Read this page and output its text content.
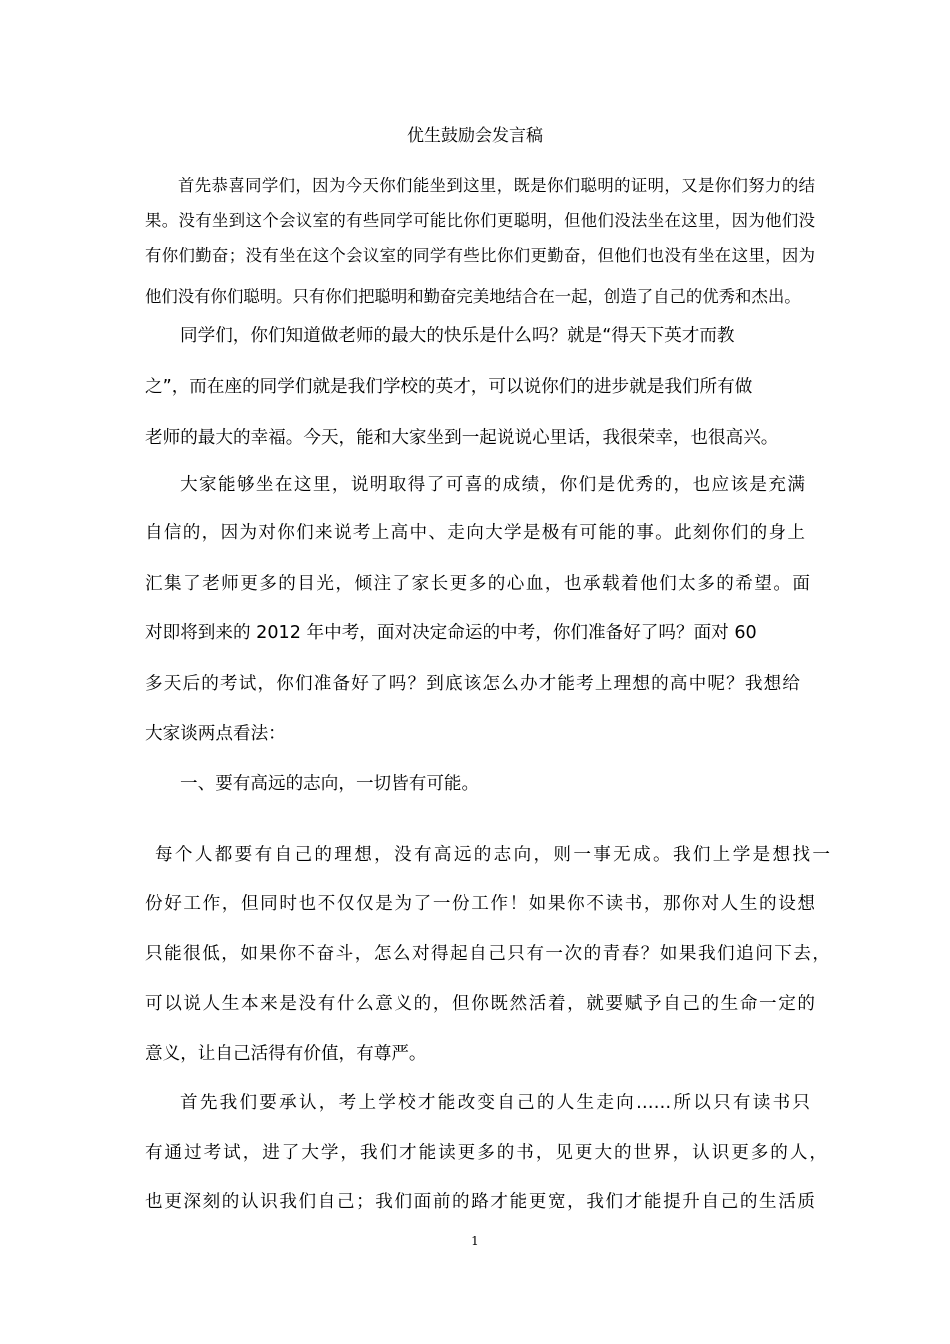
优生鼓励会发言稿
首先恭喜同学们，因为今天你们能坐到这里，既是你们聪明的证明，又是你们努力的结
果。没有坐到这个会议室的有些同学可能比你们更聪明，但他们没法坐在这里，因为他们没
有你们勤奋；没有坐在这个会议室的同学有些比你们更勤奋，但他们也没有坐在这里，因为
他们没有你们聪明。只有你们把聪明和勤奋完美地结合在一起，创造了自己的优秀和杰出。
同学们，你们知道做老师的最大的快乐是什么吗？就是“得天下英才而教
之”，而在座的同学们就是我们学校的英才，可以说你们的进步就是我们所有做
老师的最大的幸福。今天，能和大家坐到一起说说心里话，我很荣幸，也很高兴。
大家能够坐在这里，说明取得了可喜的成绩，你们是优秀的，也应该是充满
自信的，因为对你们来说考上高中、走向大学是极有可能的事。此刻你们的身上
汇集了老师更多的目光，倾注了家长更多的心血，也承载着他们太多的希望。面
对即将到来的 2012 年中考，面对决定命运的中考，你们准备好了吗？面对 60
多天后的考试，你们准备好了吗？到底该怎么办才能考上理想的高中呢？我想给
大家谈两点看法：
一、要有高远的志向，一切皆有可能。
每个人都要有自己的理想，没有高远的志向，则一事无成。我们上学是想找一
份好工作，但同时也不仅仅是为了一份工作！如果你不读书，那你对人生的设想
只能很低，如果你不奋斗，怎么对得起自己只有一次的青春？如果我们追问下去，
可以说人生本来是没有什么意义的，但你既然活着，就要赋予自己的生命一定的
意义，让自己活得有价值，有尊严。
首先我们要承认，考上学校才能改变自己的人生走向……所以只有读书只
有通过考试，进了大学，我们才能读更多的书，见更大的世界，认识更多的人，
也更深刻的认识我们自己；我们面前的路才能更宽，我们才能提升自己的生活质
1
